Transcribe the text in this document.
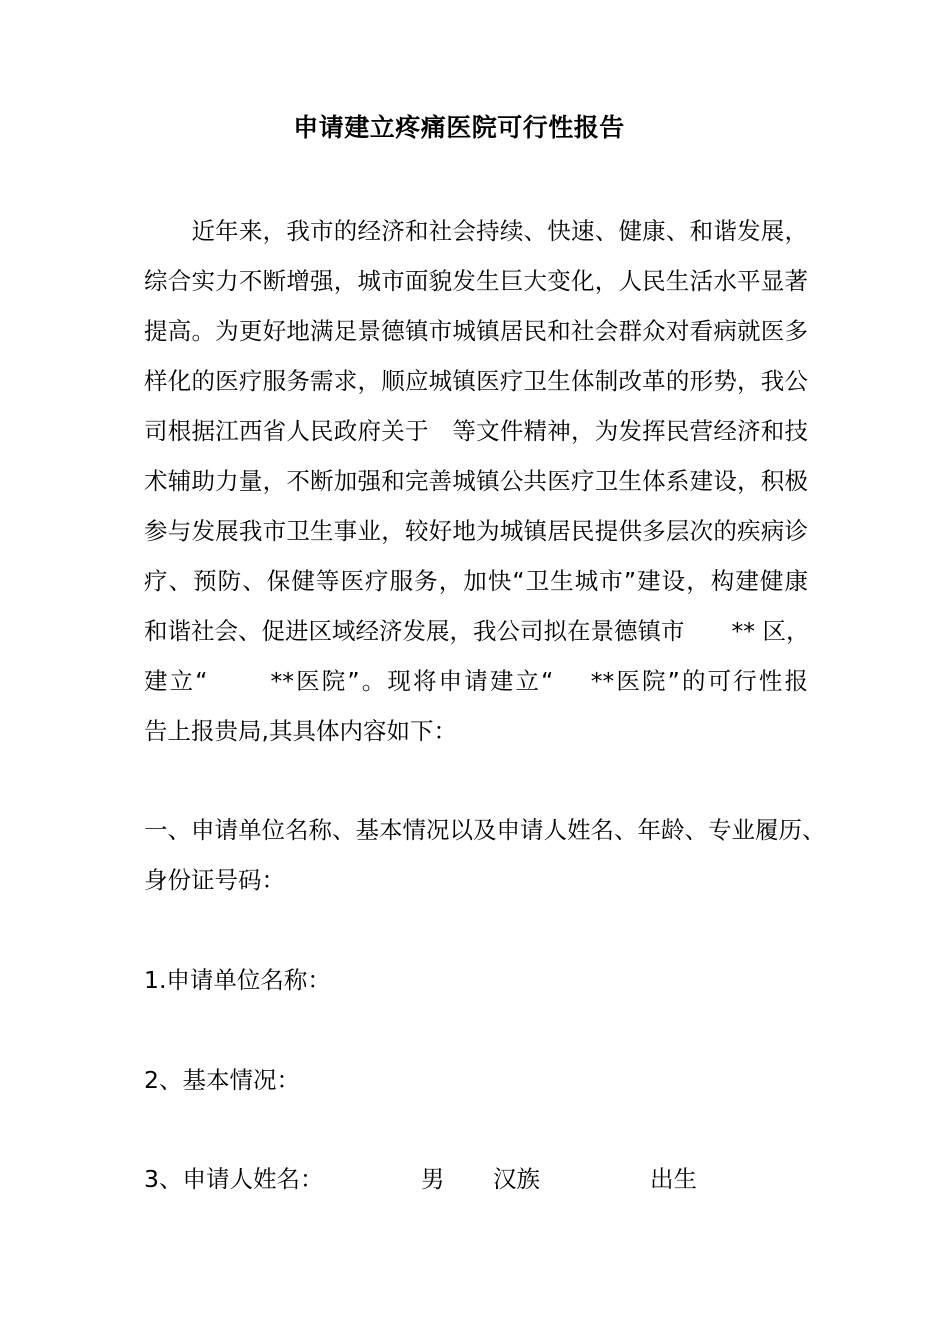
申请建立疼痛医院可行性报告
　　近年来，我市的经济和社会持续、快速、健康、和谐发展，
综合实力不断增强，城市面貌发生巨大变化，人民生活水平显著
提高。为更好地满足景德镇市城镇居民和社会群众对看病就医多
样化的医疗服务需求，顺应城镇医疗卫生体制改革的形势，我公
司根据江西省人民政府关于　等文件精神，为发挥民营经济和技
术辅助力量，不断加强和完善城镇公共医疗卫生体系建设，积极
参与发展我市卫生事业，较好地为城镇居民提供多层次的疾病诊
疗、预防、保健等医疗服务，加快“卫生城市”建设，构建健康
和谐社会、促进区域经济发展，我公司拟在景德镇市　　** 区，
建立“　　 **医院”。现将申请建立“　 **医院”的可行性报
告上报贵局,其具体内容如下：
一、申请单位名称、基本情况以及申请人姓名、年龄、专业履历、
身份证号码：
1.申请单位名称：
2、基本情况：
3、申请人姓名：	男 汉族	出生
